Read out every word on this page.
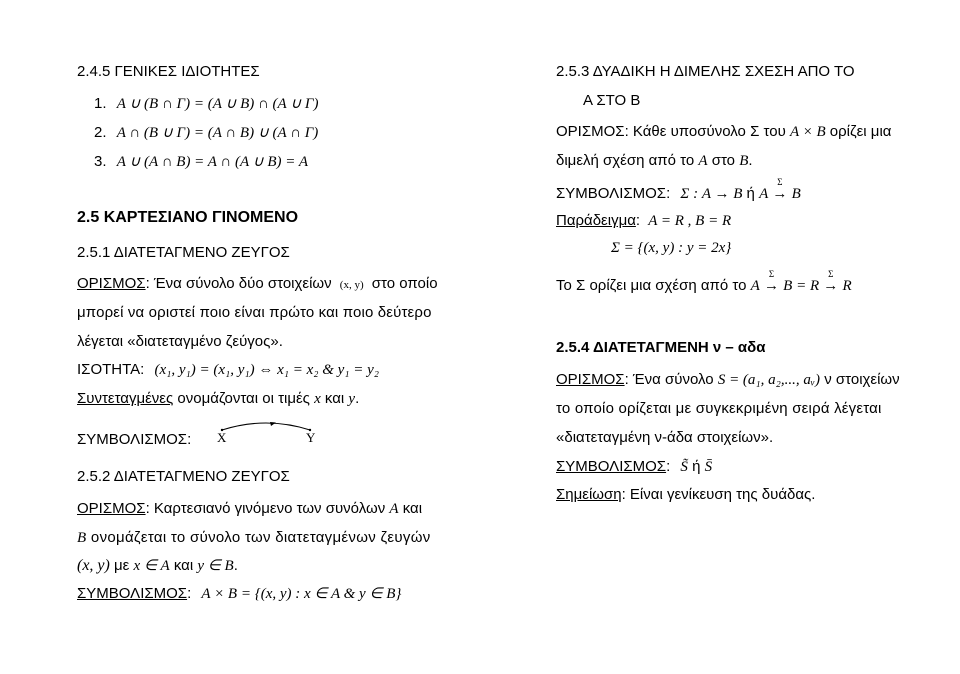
2.4.5 ΓΕΝΙΚΕΣ ΙΔΙΟΤΗΤΕΣ
1. A ∪ (B ∩ Γ) = (A ∪ B) ∩ (A ∪ Γ)
2. A ∩ (B ∪ Γ) = (A ∩ B) ∪ (A ∩ Γ)
3. A ∪ (A ∩ B) = A ∩ (A ∪ B) = A
2.5 ΚΑΡΤΕΣΙΑΝΟ ΓΙΝΟΜΕΝΟ
2.5.1 ΔΙΑΤΕΤΑΓΜΕΝΟ ΖΕΥΓΟΣ
ΟΡΙΣΜΟΣ: Ένα σύνολο δύο στοιχείων (x, y) στο οποίο
μπορεί να οριστεί ποιο είναι πρώτο και ποιο δεύτερο
λέγεται «διατεταγμένο ζεύγος».
ΙΣΟΤΗΤΑ: (x₁, y₁) = (x₁, y₁) ⇔ x₁ = x₂ & y₁ = y₂
Συντεταγμένες ονομάζονται οι τιμές x και y.
ΣΥΜΒΟΛΙΣΜΟΣ: X	Y
2.5.2 ΔΙΑΤΕΤΑΓΜΕΝΟ ΖΕΥΓΟΣ
ΟΡΙΣΜΟΣ: Καρτεσιανό γινόμενο των συνόλων A και
B ονομάζεται το σύνολο των διατεταγμένων ζευγών
(x, y) με x ∈ A και y ∈ B.
ΣΥΜΒΟΛΙΣΜΟΣ: A × B = {(x, y) : x ∈ A & y ∈ B}
2.5.3 ΔΥΑΔΙΚΗ Η ΔΙΜΕΛΗΣ ΣΧΕΣΗ ΑΠΟ ΤΟ
A ΣΤΟ B
ΟΡΙΣΜΟΣ: Κάθε υποσύνολο Σ του A × B ορίζει μια
διμελή σχέση από το A στο B.
ΣΥΜΒΟΛΙΣΜΟΣ: Σ : A → B ή A
Σ
→ B
Παράδειγμα: A = R , B = R
Σ = {(x, y) : y = 2x}
Το Σ ορίζει μια σχέση από το A
Σ
→ B = R
Σ
→ R
2.5.4 ΔΙΑΤΕΤΑΓΜΕΝΗ ν – αδα
ΟΡΙΣΜΟΣ: Ένα σύνολο S = (a₁, a₂,..., aᵥ) ν στοιχείων
το οποίο ορίζεται με συγκεκριμένη σειρά λέγεται
«διατεταγμένη ν-άδα στοιχείων».
ΣΥΜΒΟΛΙΣΜΟΣ: S̃ ή S̄
Σημείωση: Είναι γενίκευση της δυάδας.
